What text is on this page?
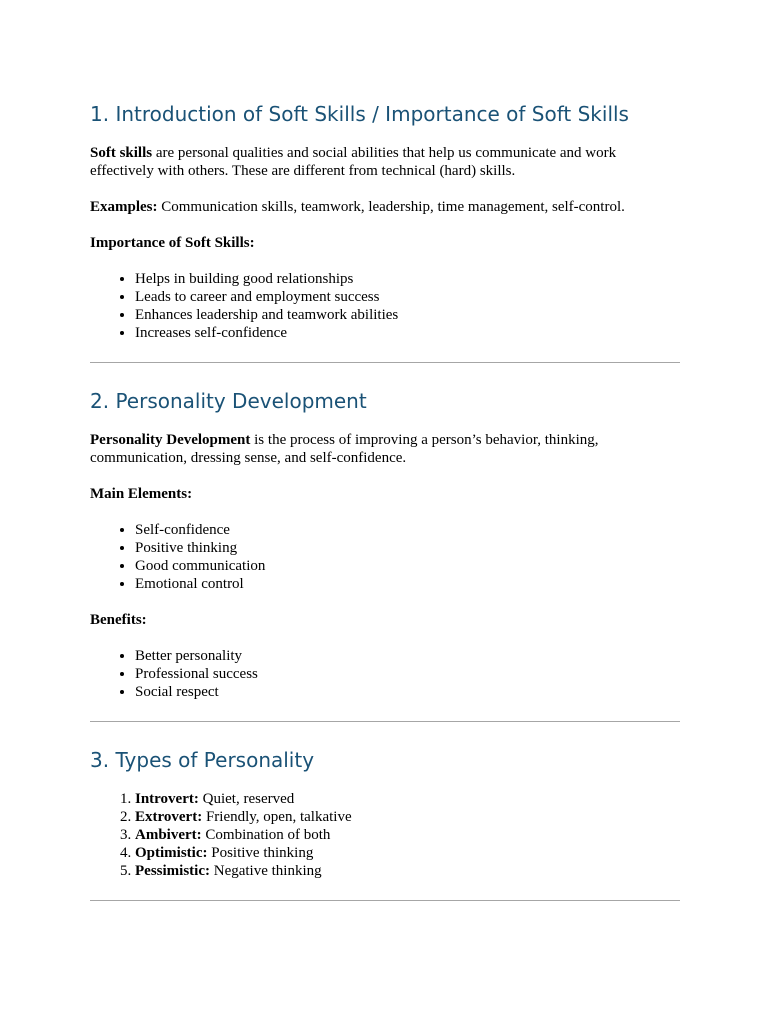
1. Introduction of Soft Skills / Importance of Soft Skills

Soft skills are personal qualities and social abilities that help us communicate and work effectively with others. These are different from technical (hard) skills.

Examples: Communication skills, teamwork, leadership, time management, self-control.

Importance of Soft Skills:

• Helps in building good relationships
• Leads to career and employment success
• Enhances leadership and teamwork abilities
• Increases self-confidence
2. Personality Development

Personality Development is the process of improving a person’s behavior, thinking, communication, dressing sense, and self-confidence.

Main Elements:

• Self-confidence
• Positive thinking
• Good communication
• Emotional control

Benefits:

• Better personality
• Professional success
• Social respect
3. Types of Personality
1. Introvert: Quiet, reserved
2. Extrovert: Friendly, open, talkative
3. Ambivert: Combination of both
4. Optimistic: Positive thinking
5. Pessimistic: Negative thinking
